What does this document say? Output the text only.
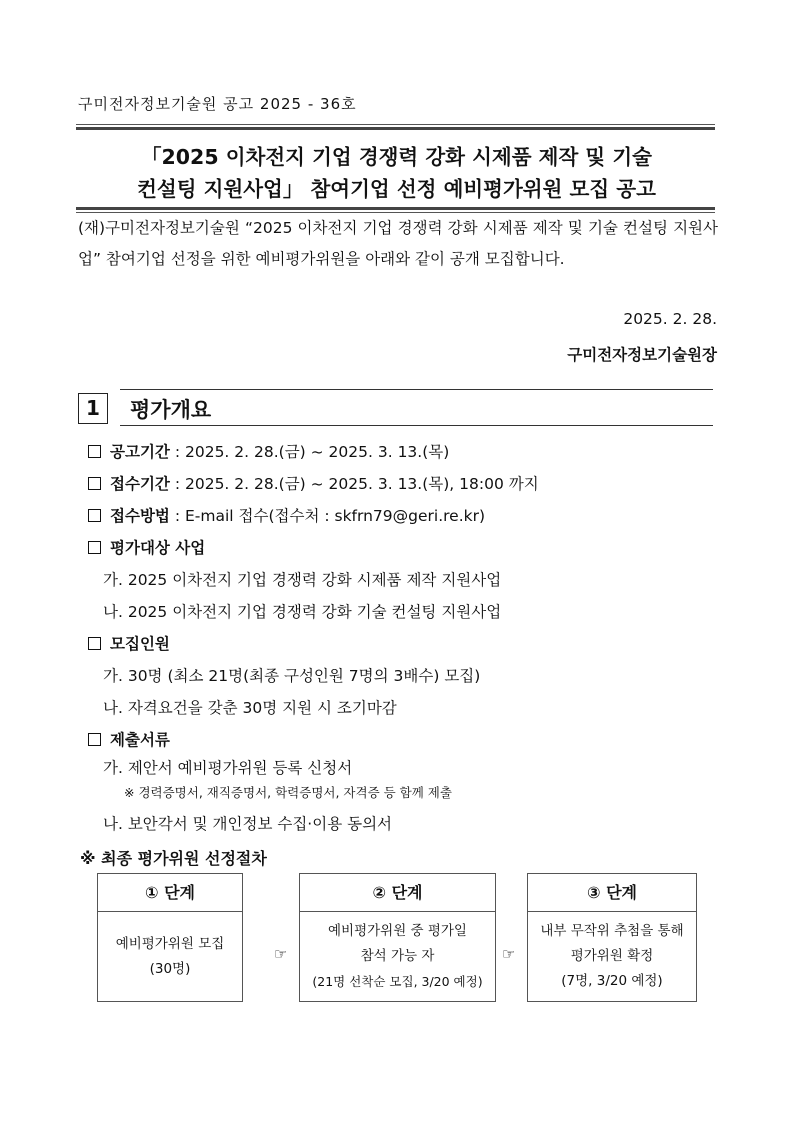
구미전자정보기술원 공고 2025 - 36호
「2025 이차전지 기업 경쟁력 강화 시제품 제작 및 기술
컨설팅 지원사업」 참여기업 선정 예비평가위원 모집 공고
(재)구미전자정보기술원 “2025 이차전지 기업 경쟁력 강화 시제품 제작 및 기술 컨설팅 지원사업” 참여기업 선정을 위한 예비평가위원을 아래와 같이 공개 모집합니다.
2025. 2. 28.
구미전자정보기술원장
1	평가개요
공고기간 : 2025. 2. 28.(금) ~ 2025. 3. 13.(목)
접수기간 : 2025. 2. 28.(금) ~ 2025. 3. 13.(목), 18:00 까지
접수방법 : E-mail 접수(접수처 : skfrn79@geri.re.kr)
평가대상 사업
가. 2025 이차전지 기업 경쟁력 강화 시제품 제작 지원사업
나. 2025 이차전지 기업 경쟁력 강화 기술 컨설팅 지원사업
모집인원
가. 30명 (최소 21명(최종 구성인원 7명의 3배수) 모집)
나. 자격요건을 갖춘 30명 지원 시 조기마감
제출서류
가. 제안서 예비평가위원 등록 신청서
※ 경력증명서, 재직증명서, 학력증명서, 자격증 등 함께 제출
나. 보안각서 및 개인정보 수집·이용 동의서
※ 최종 평가위원 선정절차
① 단계
예비평가위원 모집
(30명)
☞
② 단계
예비평가위원 중 평가일
참석 가능 자
(21명 선착순 모집, 3/20 예정)
☞
③ 단계
내부 무작위 추첨을 통해
평가위원 확정
(7명, 3/20 예정)
